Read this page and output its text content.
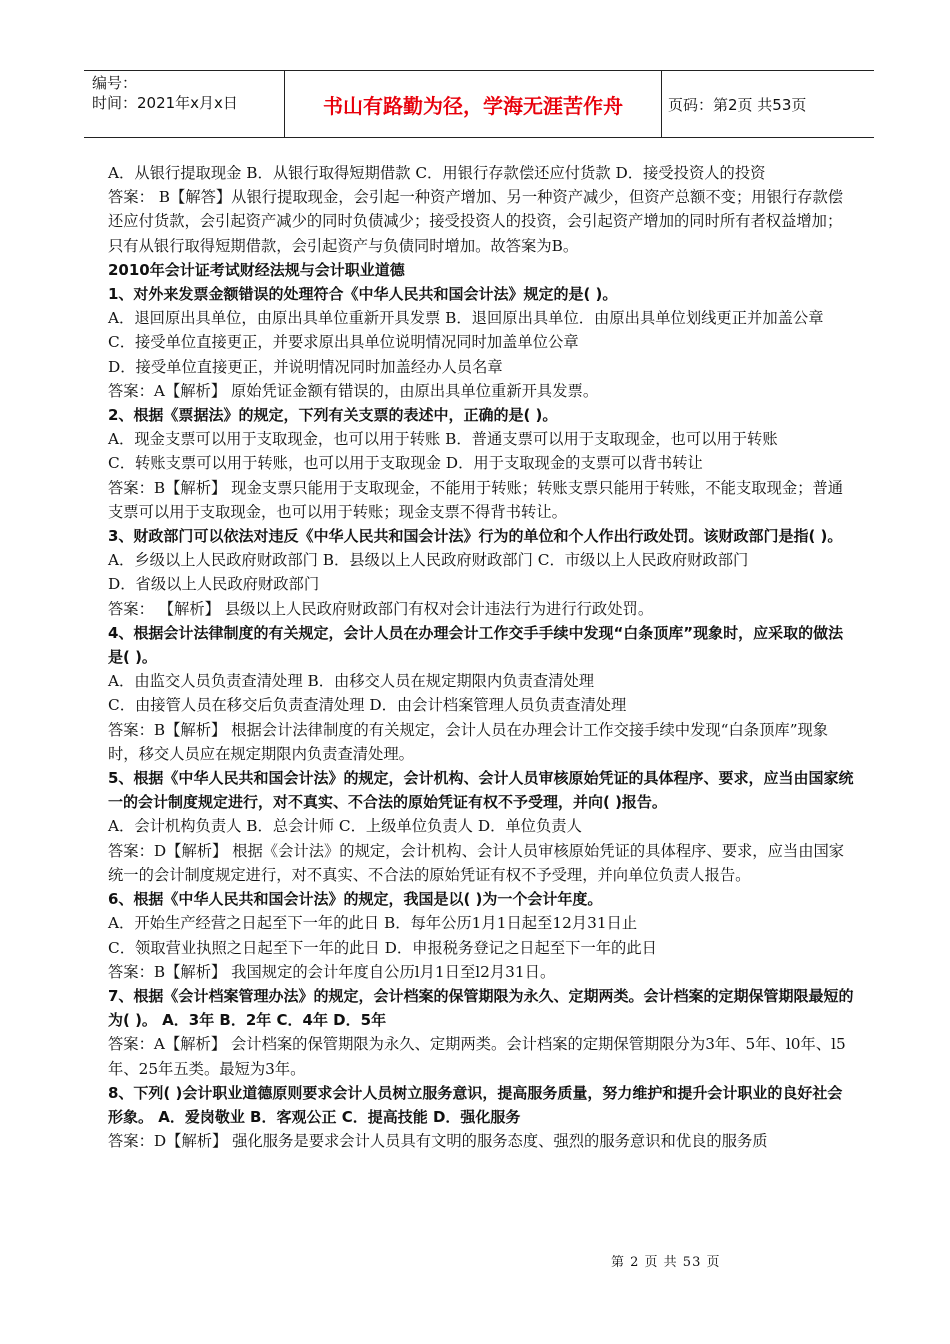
编号：
时间：2021年x月x日	书山有路勤为径，学海无涯苦作舟	页码：第2页 共53页

A．从银行提取现金 B．从银行取得短期借款 C．用银行存款偿还应付货款 D．接受投资人的投资

答案： B【解答】从银行提取现金，会引起一种资产增加、另一种资产减少，但资产总额不变；用银行存款偿还应付货款，会引起资产减少的同时负债减少；接受投资人的投资，会引起资产增加的同时所有者权益增加；只有从银行取得短期借款，会引起资产与负债同时增加。故答案为B。

2010年会计证考试财经法规与会计职业道德

1、对外来发票金额错误的处理符合《中华人民共和国会计法》规定的是( )。

A．退回原出具单位，由原出具单位重新开具发票 B．退回原出具单位．由原出具单位划线更正并加盖公章 C．接受单位直接更正，并要求原出具单位说明情况同时加盖单位公章

D．接受单位直接更正，并说明情况同时加盖经办人员名章

答案：A【解析】 原始凭证金额有错误的，由原出具单位重新开具发票。

2、根据《票据法》的规定，下列有关支票的表述中，正确的是( )。

A．现金支票可以用于支取现金，也可以用于转账 B．普通支票可以用于支取现金，也可以用于转账

C．转账支票可以用于转账，也可以用于支取现金 D．用于支取现金的支票可以背书转让

答案：B【解析】 现金支票只能用于支取现金，不能用于转账；转账支票只能用于转账，不能支取现金；普通支票可以用于支取现金，也可以用于转账；现金支票不得背书转让。

3、财政部门可以依法对违反《中华人民共和国会计法》行为的单位和个人作出行政处罚。该财政部门是指( )。

A．乡级以上人民政府财政部门 B．县级以上人民政府财政部门 C．市级以上人民政府财政部门

D．省级以上人民政府财政部门

答案： 【解析】 县级以上人民政府财政部门有权对会计违法行为进行行政处罚。

4、根据会计法律制度的有关规定，会计人员在办理会计工作交手手续中发现“白条顶库”现象时，应采取的做法是( )。

A．由监交人员负责查清处理 B．由移交人员在规定期限内负责查清处理

C．由接管人员在移交后负责查清处理 D．由会计档案管理人员负责查清处理

答案：B【解析】 根据会计法律制度的有关规定，会计人员在办理会计工作交接手续中发现“白条顶库”现象时，移交人员应在规定期限内负责查清处理。

5、根据《中华人民共和国会计法》的规定，会计机构、会计人员审核原始凭证的具体程序、要求，应当由国家统一的会计制度规定进行，对不真实、不合法的原始凭证有权不予受理，并向( )报告。

A．会计机构负责人 B．总会计师 C．上级单位负责人 D．单位负责人

答案：D【解析】 根据《会计法》的规定，会计机构、会计人员审核原始凭证的具体程序、要求，应当由国家统一的会计制度规定进行，对不真实、不合法的原始凭证有权不予受理，并向单位负责人报告。

6、根据《中华人民共和国会计法》的规定，我国是以( )为一个会计年度。

A．开始生产经营之日起至下一年的此日 B．每年公历1月1日起至12月31日止

C．领取营业执照之日起至下一年的此日 D．申报税务登记之日起至下一年的此日

答案：B【解析】 我国规定的会计年度自公历l月1日至l2月31日。

7、根据《会计档案管理办法》的规定，会计档案的保管期限为永久、定期两类。会计档案的定期保管期限最短的为( )。 A．3年 B．2年 C．4年 D．5年

答案：A【解析】 会计档案的保管期限为永久、定期两类。会计档案的定期保管期限分为3年、5年、l0年、l5年、25年五类。最短为3年。

8、下列( )会计职业道德原则要求会计人员树立服务意识，提高服务质量，努力维护和提升会计职业的良好社会形象。 A．爱岗敬业 B．客观公正 C．提高技能 D．强化服务

答案：D【解析】 强化服务是要求会计人员具有文明的服务态度、强烈的服务意识和优良的服务质

第 2 页 共 53 页
